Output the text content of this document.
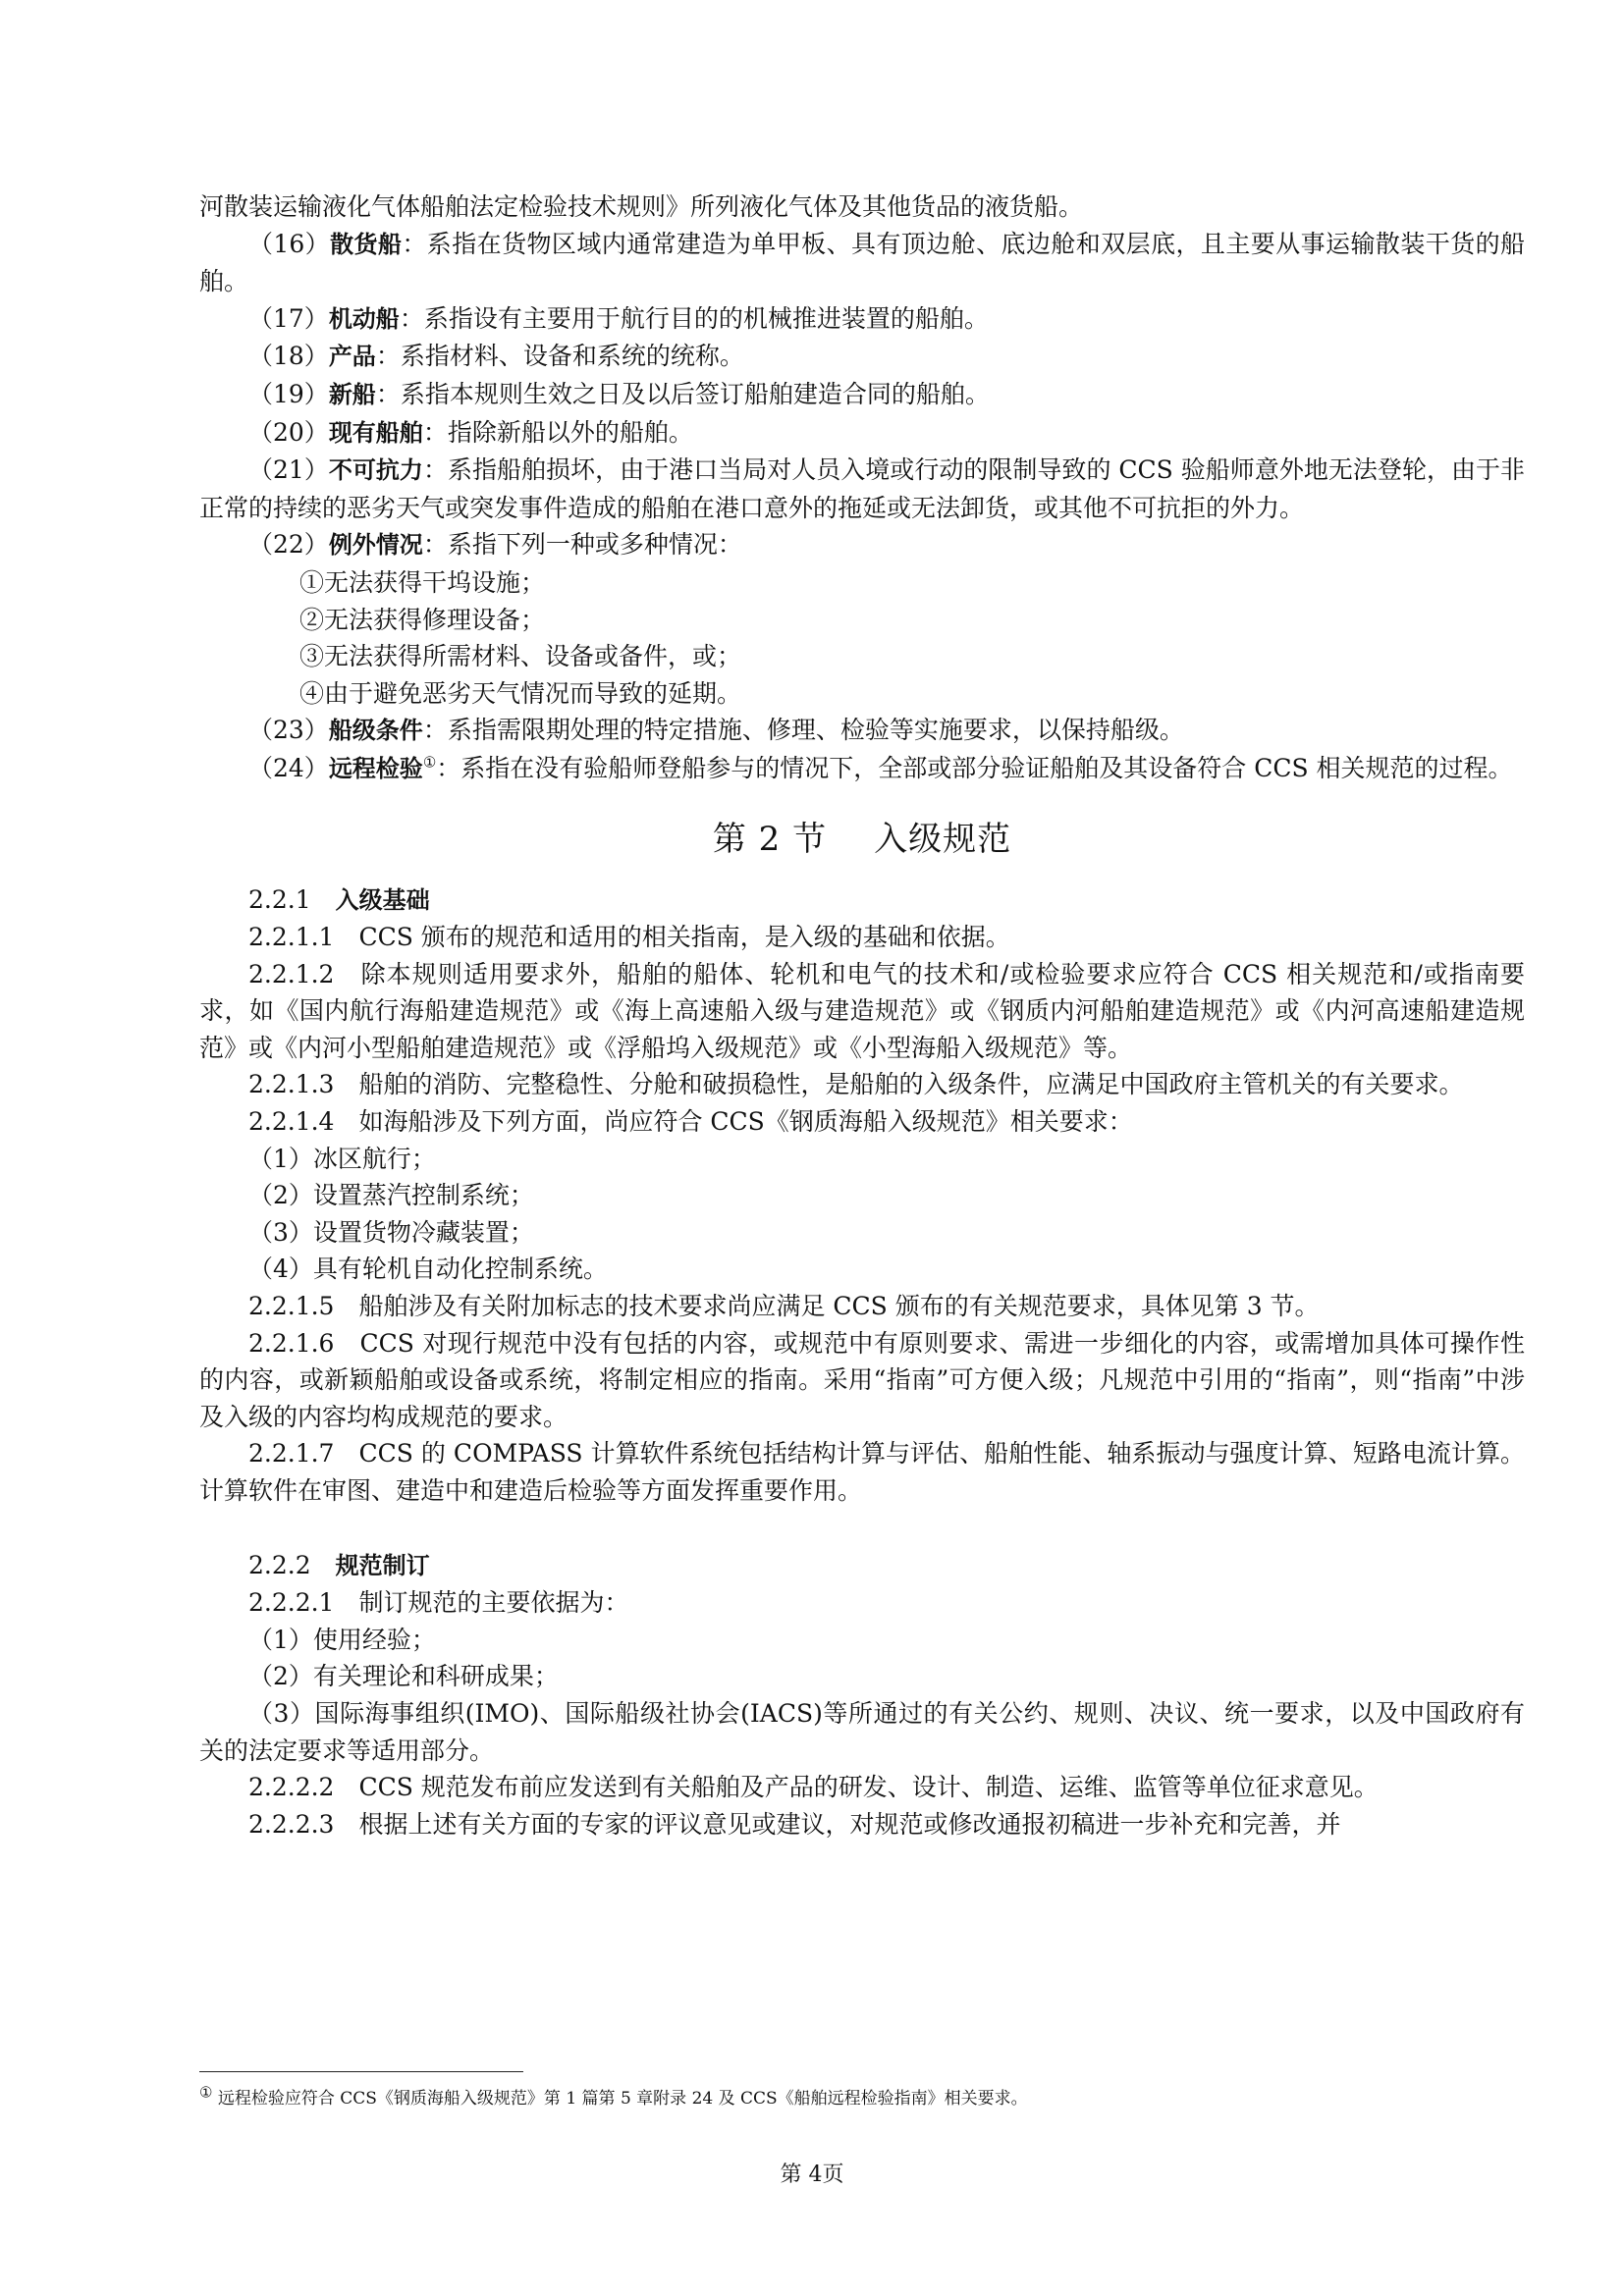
河散装运输液化气体船舶法定检验技术规则》所列液化气体及其他货品的液货船。

（16）散货船：系指在货物区域内通常建造为单甲板、具有顶边舱、底边舱和双层底，且主要从事运输散装干货的船舶。

（17）机动船：系指设有主要用于航行目的的机械推进装置的船舶。

（18）产品：系指材料、设备和系统的统称。

（19）新船：系指本规则生效之日及以后签订船舶建造合同的船舶。

（20）现有船舶：指除新船以外的船舶。

（21）不可抗力：系指船舶损坏，由于港口当局对人员入境或行动的限制导致的 CCS 验船师意外地无法登轮，由于非正常的持续的恶劣天气或突发事件造成的船舶在港口意外的拖延或无法卸货，或其他不可抗拒的外力。

（22）例外情况：系指下列一种或多种情况：

①无法获得干坞设施；

②无法获得修理设备；

③无法获得所需材料、设备或备件，或；

④由于避免恶劣天气情况而导致的延期。

（23）船级条件：系指需限期处理的特定措施、修理、检验等实施要求，以保持船级。

（24）远程检验①：系指在没有验船师登船参与的情况下，全部或部分验证船舶及其设备符合 CCS 相关规范的过程。

第 2 节 入级规范

2.2.1　 入级基础

2.2.1.1　CCS 颁布的规范和适用的相关指南，是入级的基础和依据。

2.2.1.2　除本规则适用要求外，船舶的船体、轮机和电气的技术和/或检验要求应符合 CCS 相关规范和/或指南要求，如《国内航行海船建造规范》或《海上高速船入级与建造规范》或《钢质内河船舶建造规范》或《内河高速船建造规范》或《内河小型船舶建造规范》或《浮船坞入级规范》或《小型海船入级规范》等。

2.2.1.3　船舶的消防、完整稳性、分舱和破损稳性，是船舶的入级条件，应满足中国政府主管机关的有关要求。

2.2.1.4　如海船涉及下列方面，尚应符合 CCS《钢质海船入级规范》相关要求：

（1）冰区航行；

（2）设置蒸汽控制系统；

（3）设置货物冷藏装置；

（4）具有轮机自动化控制系统。

2.2.1.5　船舶涉及有关附加标志的技术要求尚应满足 CCS 颁布的有关规范要求，具体见第 3 节。

2.2.1.6　CCS 对现行规范中没有包括的内容，或规范中有原则要求、需进一步细化的内容，或需增加具体可操作性的内容，或新颖船舶或设备或系统，将制定相应的指南。采用“指南”可方便入级；凡规范中引用的“指南”，则“指南”中涉及入级的内容均构成规范的要求。

2.2.1.7　CCS 的 COMPASS 计算软件系统包括结构计算与评估、船舶性能、轴系振动与强度计算、短路电流计算。计算软件在审图、建造中和建造后检验等方面发挥重要作用。

2.2.2　 规范制订

2.2.2.1　制订规范的主要依据为：

（1）使用经验；

（2）有关理论和科研成果；

（3）国际海事组织(IMO)、国际船级社协会(IACS)等所通过的有关公约、规则、决议、统一要求，以及中国政府有关的法定要求等适用部分。

2.2.2.2　CCS 规范发布前应发送到有关船舶及产品的研发、设计、制造、运维、监管等单位征求意见。

2.2.2.3　根据上述有关方面的专家的评议意见或建议，对规范或修改通报初稿进一步补充和完善，并

① 远程检验应符合 CCS《钢质海船入级规范》第 1 篇第 5 章附录 24 及 CCS《船舶远程检验指南》相关要求。
第 4页
